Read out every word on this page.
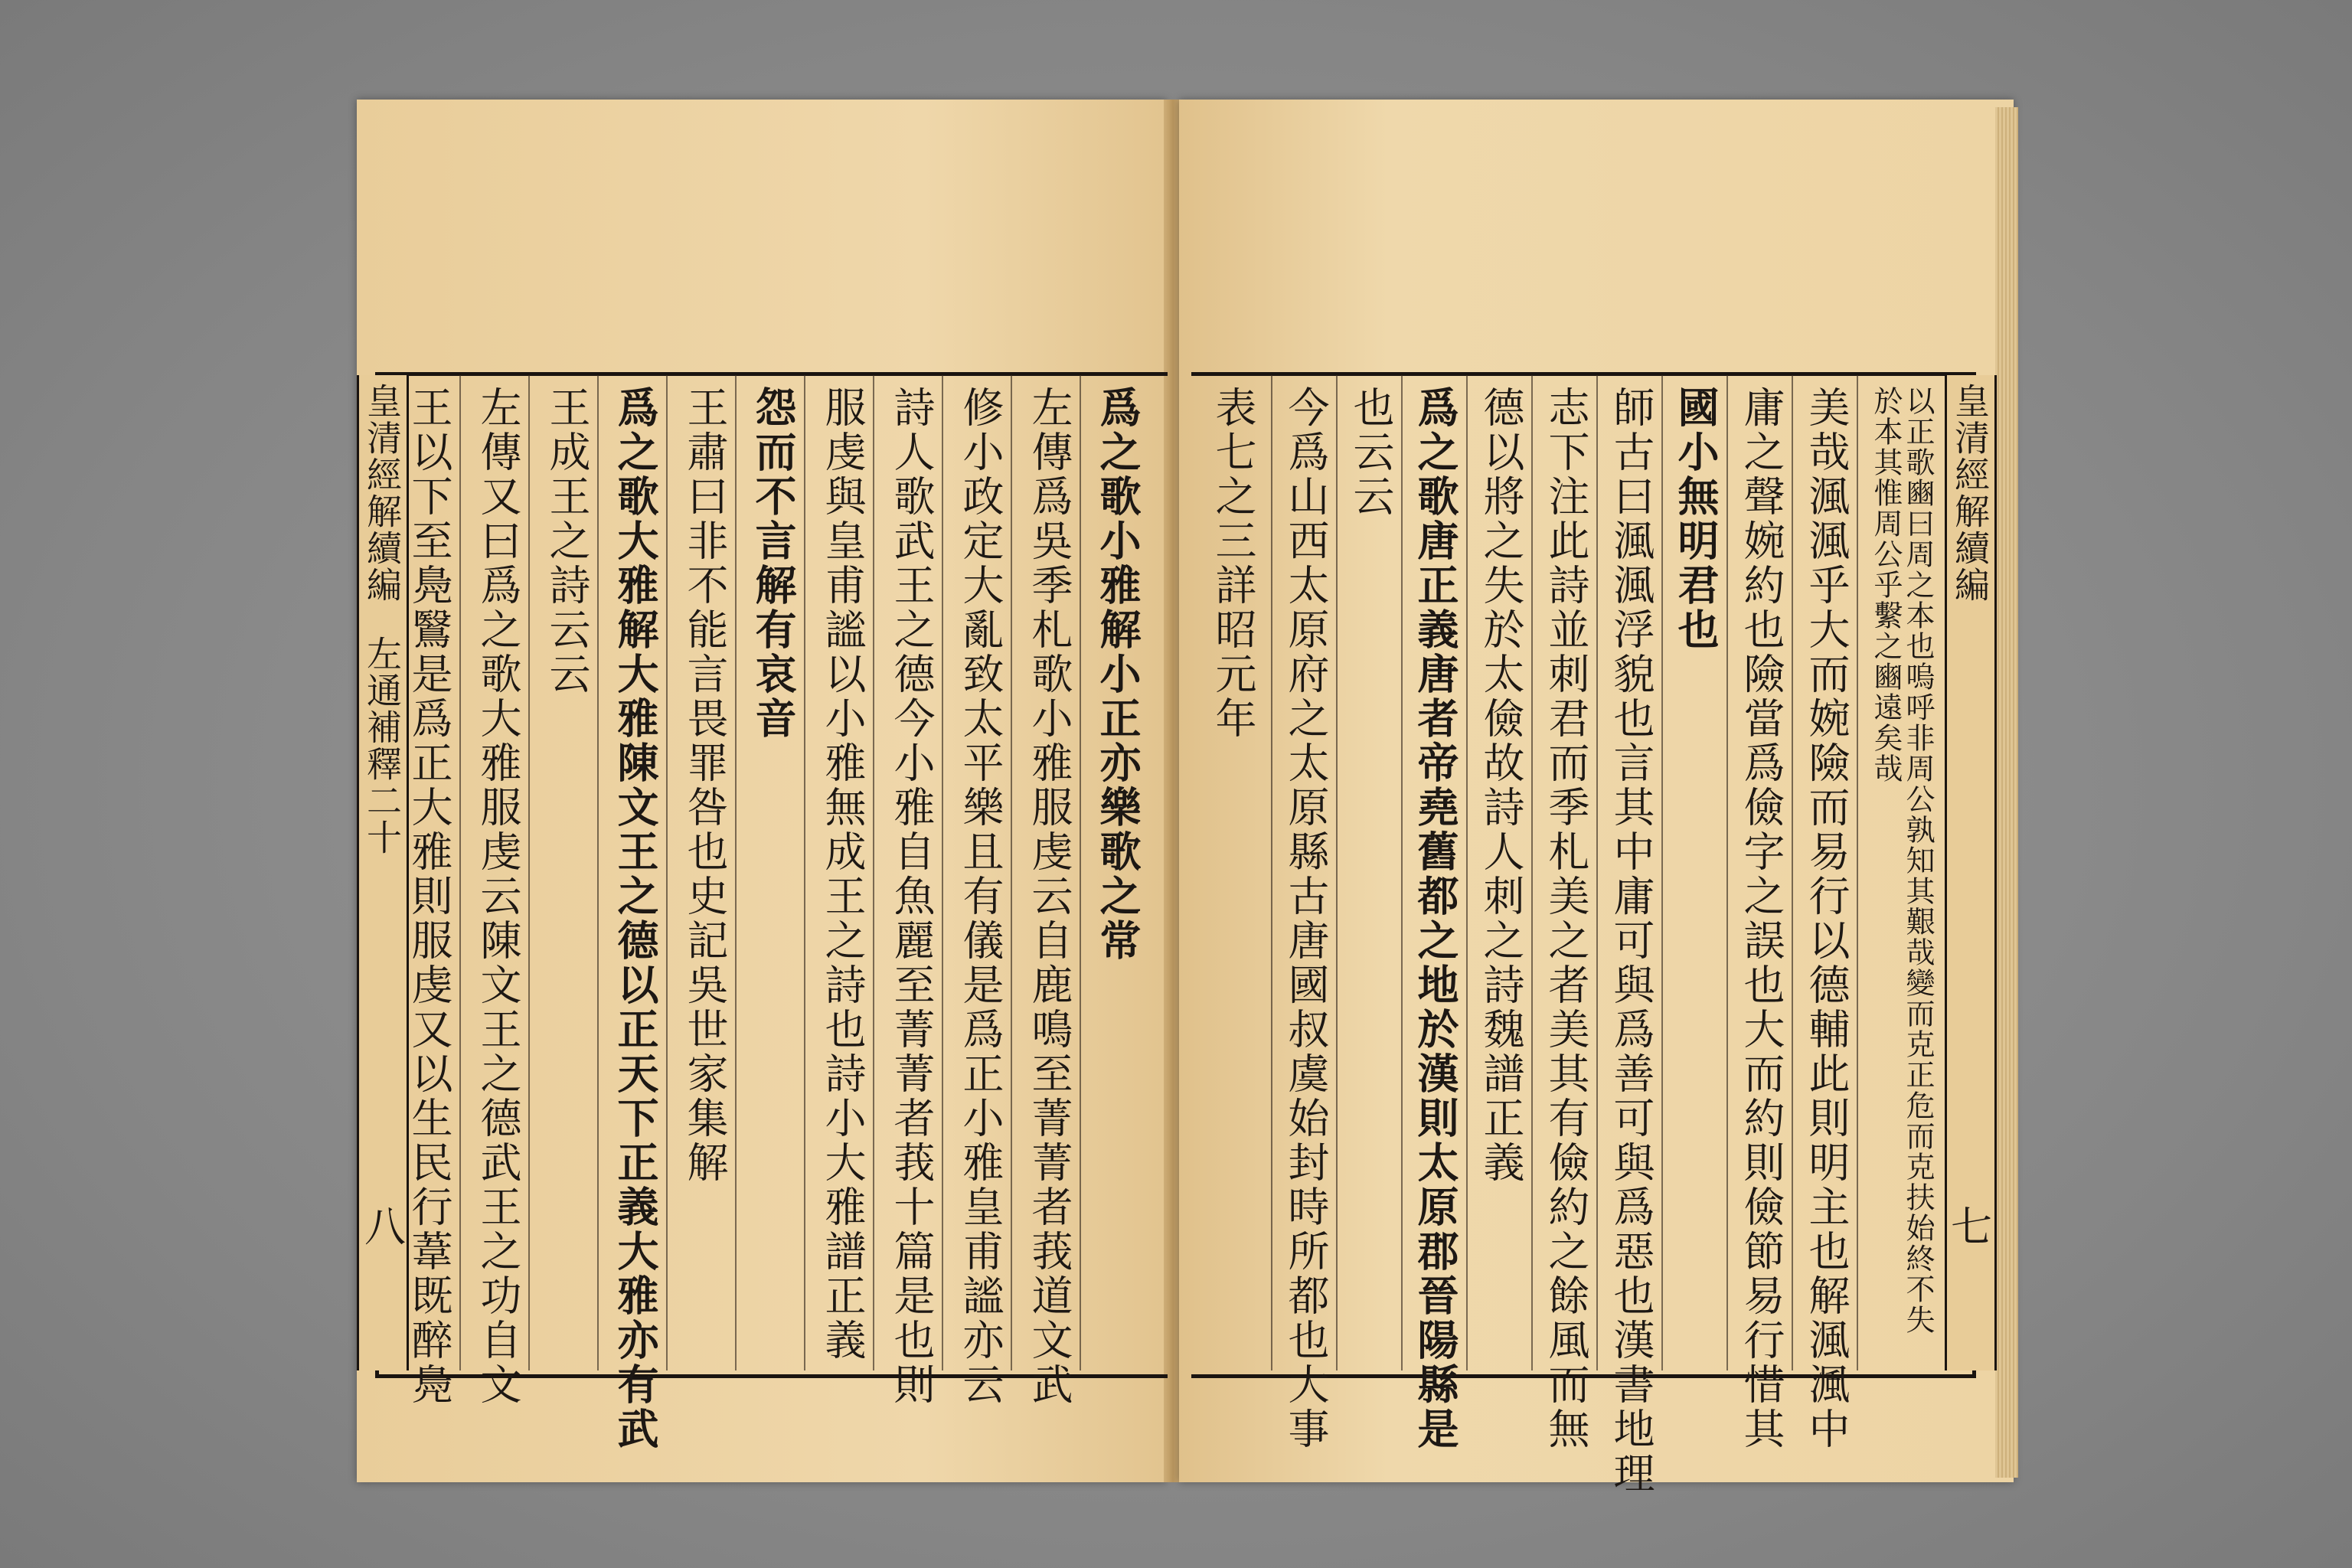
皇清經解續編
左通補釋二十
八
皇清經解續編
七
爲之歌小雅解小正亦樂歌之常
左傳爲吳季札歌小雅服虔云自鹿鳴至菁菁者莪道文武
修小政定大亂致太平樂且有儀是爲正小雅皇甫謐亦云
詩人歌武王之德今小雅自魚麗至菁菁者莪十篇是也則
服虔與皇甫謐以小雅無成王之詩也詩小大雅譜正義
怨而不言解有哀音
王肅曰非不能言畏罪咎也史記吳世家集解
爲之歌大雅解大雅陳文王之德以正天下正義大雅亦有武
王成王之詩云云
左傳又曰爲之歌大雅服虔云陳文王之德武王之功自文
王以下至鳧鷖是爲正大雅則服虔又以生民行葦既醉鳧	以正歌豳曰周之本也嗚呼非周公孰知其艱哉變而克正危而克扶始終不失於本其惟周公乎繫之豳遠矣哉
美哉渢渢乎大而婉險而易行以德輔此則明主也解渢渢中
庸之聲婉約也險當爲儉字之誤也大而約則儉節易行惜其
國小無明君也
師古曰渢渢浮貌也言其中庸可與爲善可與爲惡也漢書地理
志下注此詩並刺君而季札美之者美其有儉約之餘風而無
德以將之失於太儉故詩人刺之詩魏譜正義
爲之歌唐正義唐者帝堯舊都之地於漢則太原郡晉陽縣是
也云云
今爲山西太原府之太原縣古唐國叔虞始封時所都也大事
表七之三詳昭元年
